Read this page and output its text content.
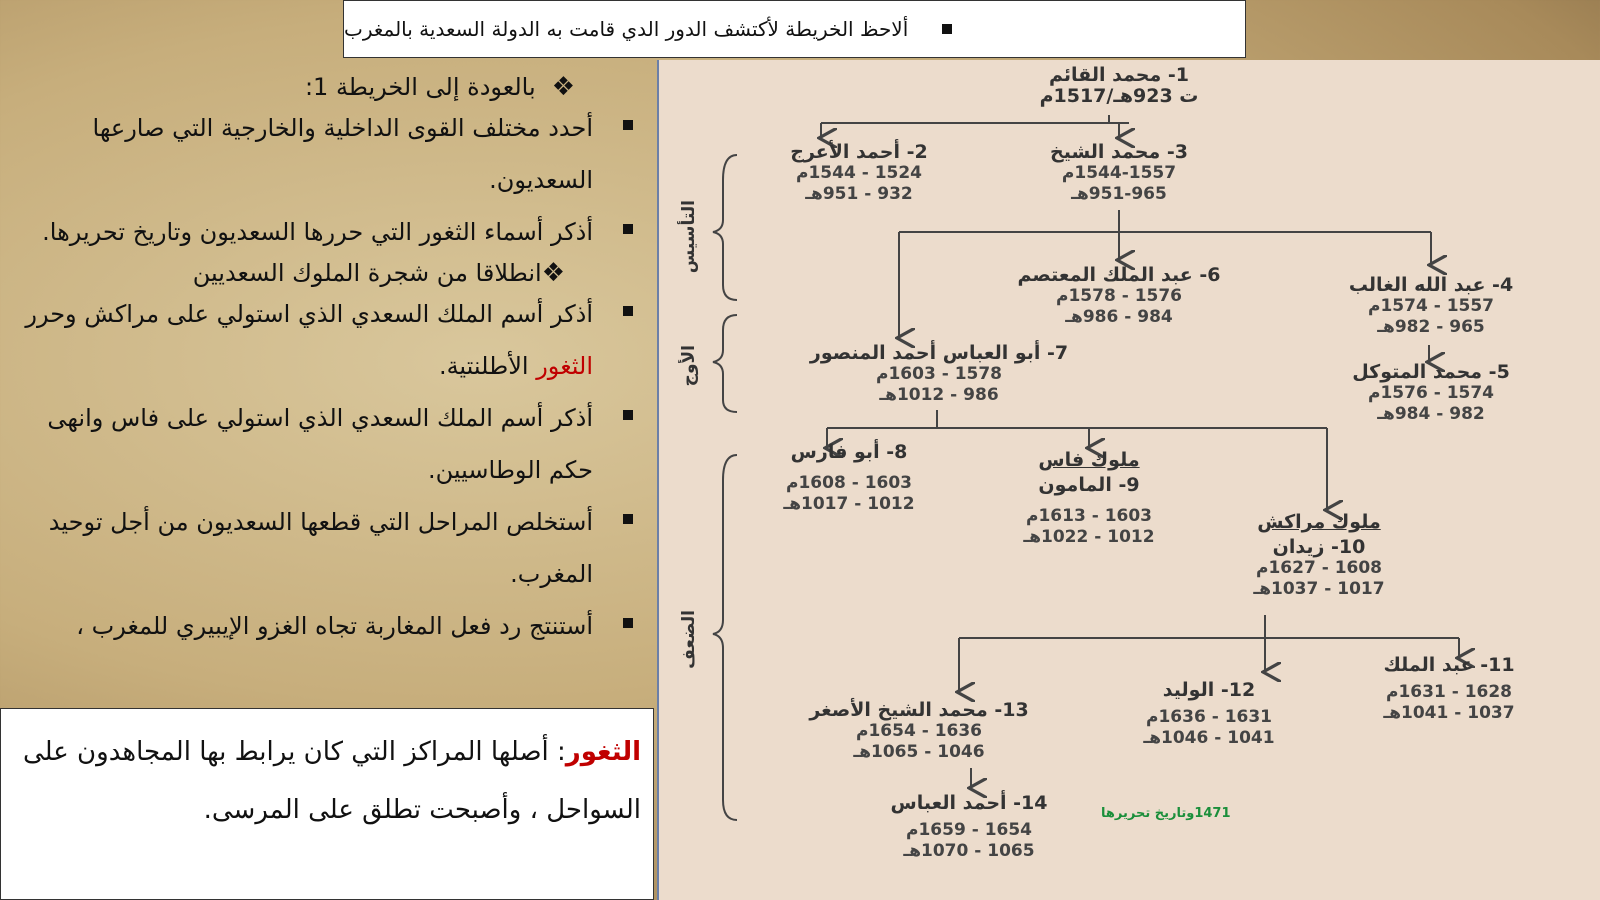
ألاحظ الخريطة لأكتشف الدور الدي قامت به الدولة السعدية بالمغرب
❖
بالعودة إلى الخريطة 1:
أحدد مختلف القوى الداخلية والخارجية التي صارعها السعديون.
أذكر أسماء الثغور التي حررها السعديون وتاريخ تحريرها.
❖
انطلاقا من شجرة الملوك السعديين
أذكر أسم الملك السعدي الذي استولي على مراكش وحرر الثغور الأطلنتية.
أذكر أسم الملك السعدي الذي استولي على فاس وانهى حكم الوطاسيين.
أستخلص المراحل التي قطعها السعديون من أجل توحيد المغرب.
أستنتج رد فعل المغاربة تجاه الغزو الإيبيري للمغرب ،
الثغور: أصلها المراكز التي كان يرابط بها المجاهدون على السواحل ، وأصبحت تطلق على المرسى.
التأسيس
الأوج
الضعف
1- محمد القائم
ت 923هـ/1517م
2- أحمد الأعرج
1524 - 1544م
932 - 951هـ
3- محمد الشيخ
1544-1557م
951-965هـ
6- عبد الملك المعتصم
1576 - 1578م
984 - 986هـ
4- عبد الله الغالب
1557 - 1574م
965 - 982هـ
7- أبو العباس أحمد المنصور
1578 - 1603م
986 - 1012هـ
5- محمد المتوكل
1574 - 1576م
982 - 984هـ
8- أبو فارس
1603 - 1608م
1012 - 1017هـ
ملوك فاس
9- المامون
1603 - 1613م
1012 - 1022هـ
ملوك مراكش
10- زيدان
1608 - 1627م
1017 - 1037هـ
11- عبد الملك
1628 - 1631م
1037 - 1041هـ
12- الوليد
1631 - 1636م
1041 - 1046هـ
13- محمد الشيخ الأصغر
1636 - 1654م
1046 - 1065هـ
14- أحمد العباس
1654 - 1659م
1065 - 1070هـ
1471وتاريخ تحريرها
